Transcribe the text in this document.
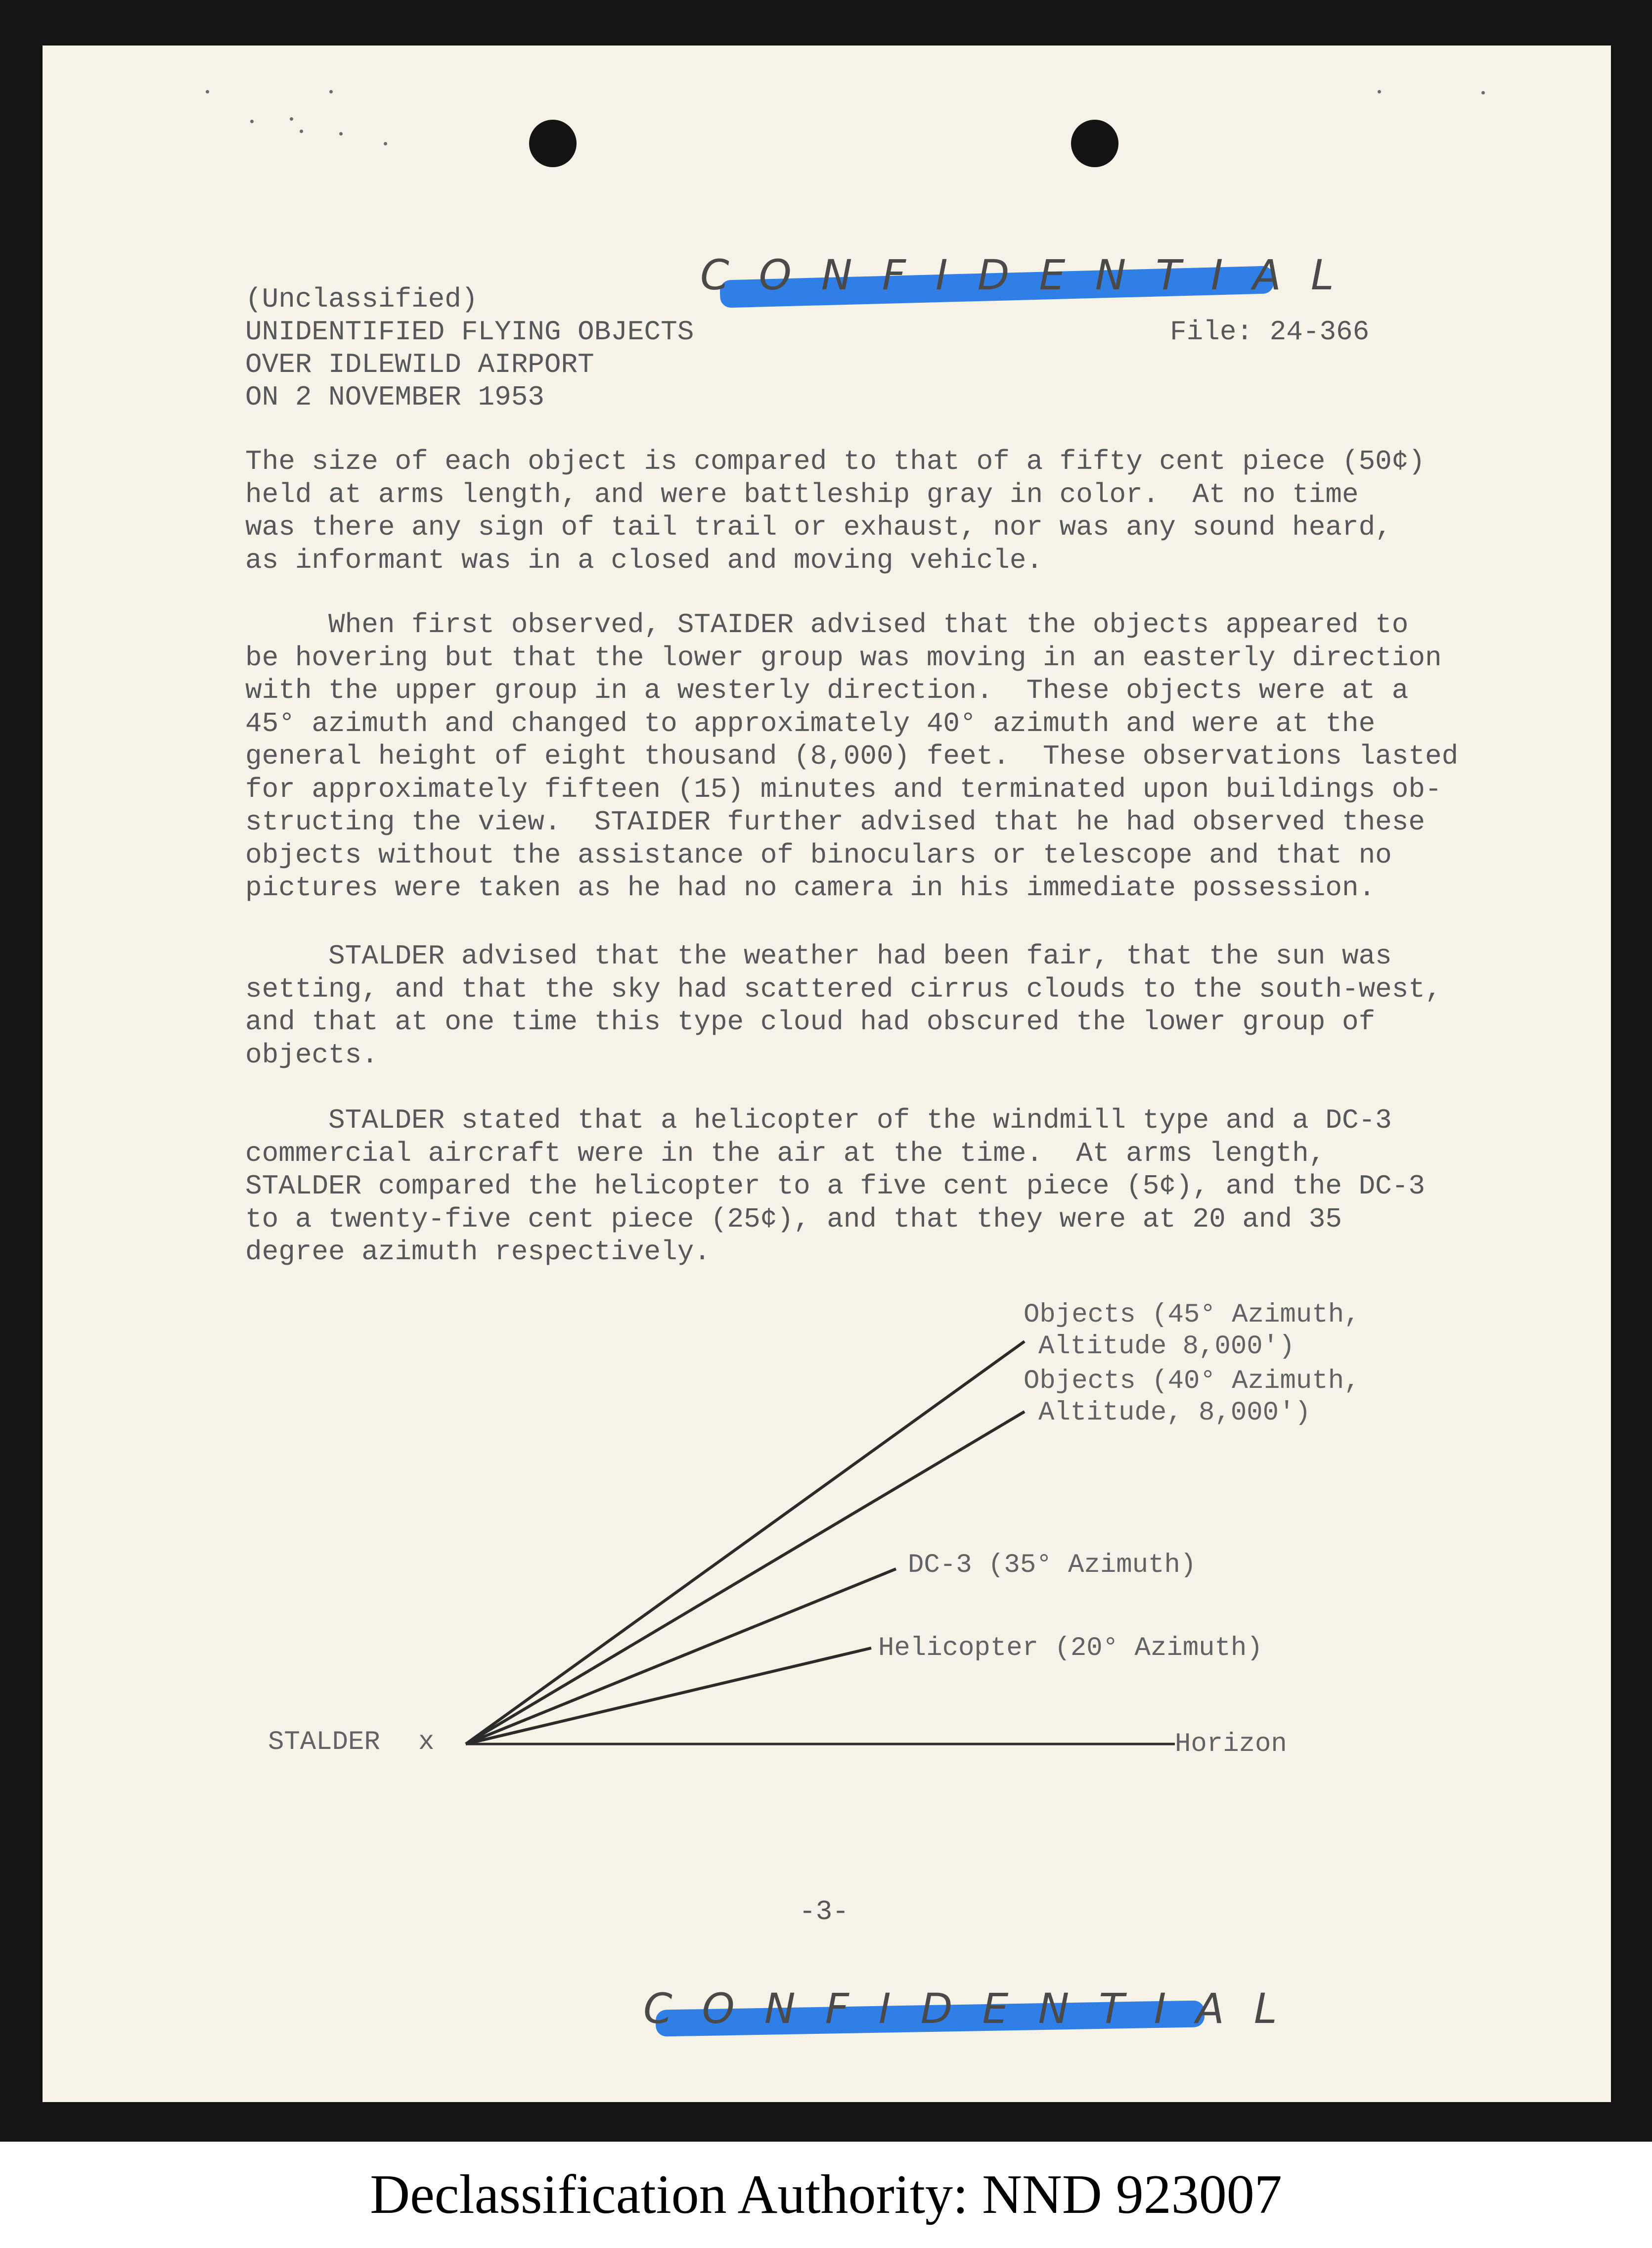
CONFIDENTIAL
(Unclassified)
UNIDENTIFIED FLYING OBJECTS
OVER IDLEWILD AIRPORT
ON 2 NOVEMBER 1953
File: 24-366
The size of each object is compared to that of a fifty cent piece (50¢)
held at arms length, and were battleship gray in color.  At no time
was there any sign of tail trail or exhaust, nor was any sound heard,
as informant was in a closed and moving vehicle.
When first observed, STAIDER advised that the objects appeared to
be hovering but that the lower group was moving in an easterly direction
with the upper group in a westerly direction.  These objects were at a
45° azimuth and changed to approximately 40° azimuth and were at the
general height of eight thousand (8,000) feet.  These observations lasted
for approximately fifteen (15) minutes and terminated upon buildings ob-
structing the view.  STAIDER further advised that he had observed these
objects without the assistance of binoculars or telescope and that no
pictures were taken as he had no camera in his immediate possession.
STALDER advised that the weather had been fair, that the sun was
setting, and that the sky had scattered cirrus clouds to the south-west,
and that at one time this type cloud had obscured the lower group of
objects.
STALDER stated that a helicopter of the windmill type and a DC-3
commercial aircraft were in the air at the time.  At arms length,
STALDER compared the helicopter to a five cent piece (5¢), and the DC-3
to a twenty-five cent piece (25¢), and that they were at 20 and 35
degree azimuth respectively.
STALDER x	Horizon
Objects (45° Azimuth,
Altitude 8,000')
Objects (40° Azimuth,
Altitude, 8,000')
DC-3 (35° Azimuth)
Helicopter (20° Azimuth)
-3-
CONFIDENTIAL
Declassification Authority: NND 923007
